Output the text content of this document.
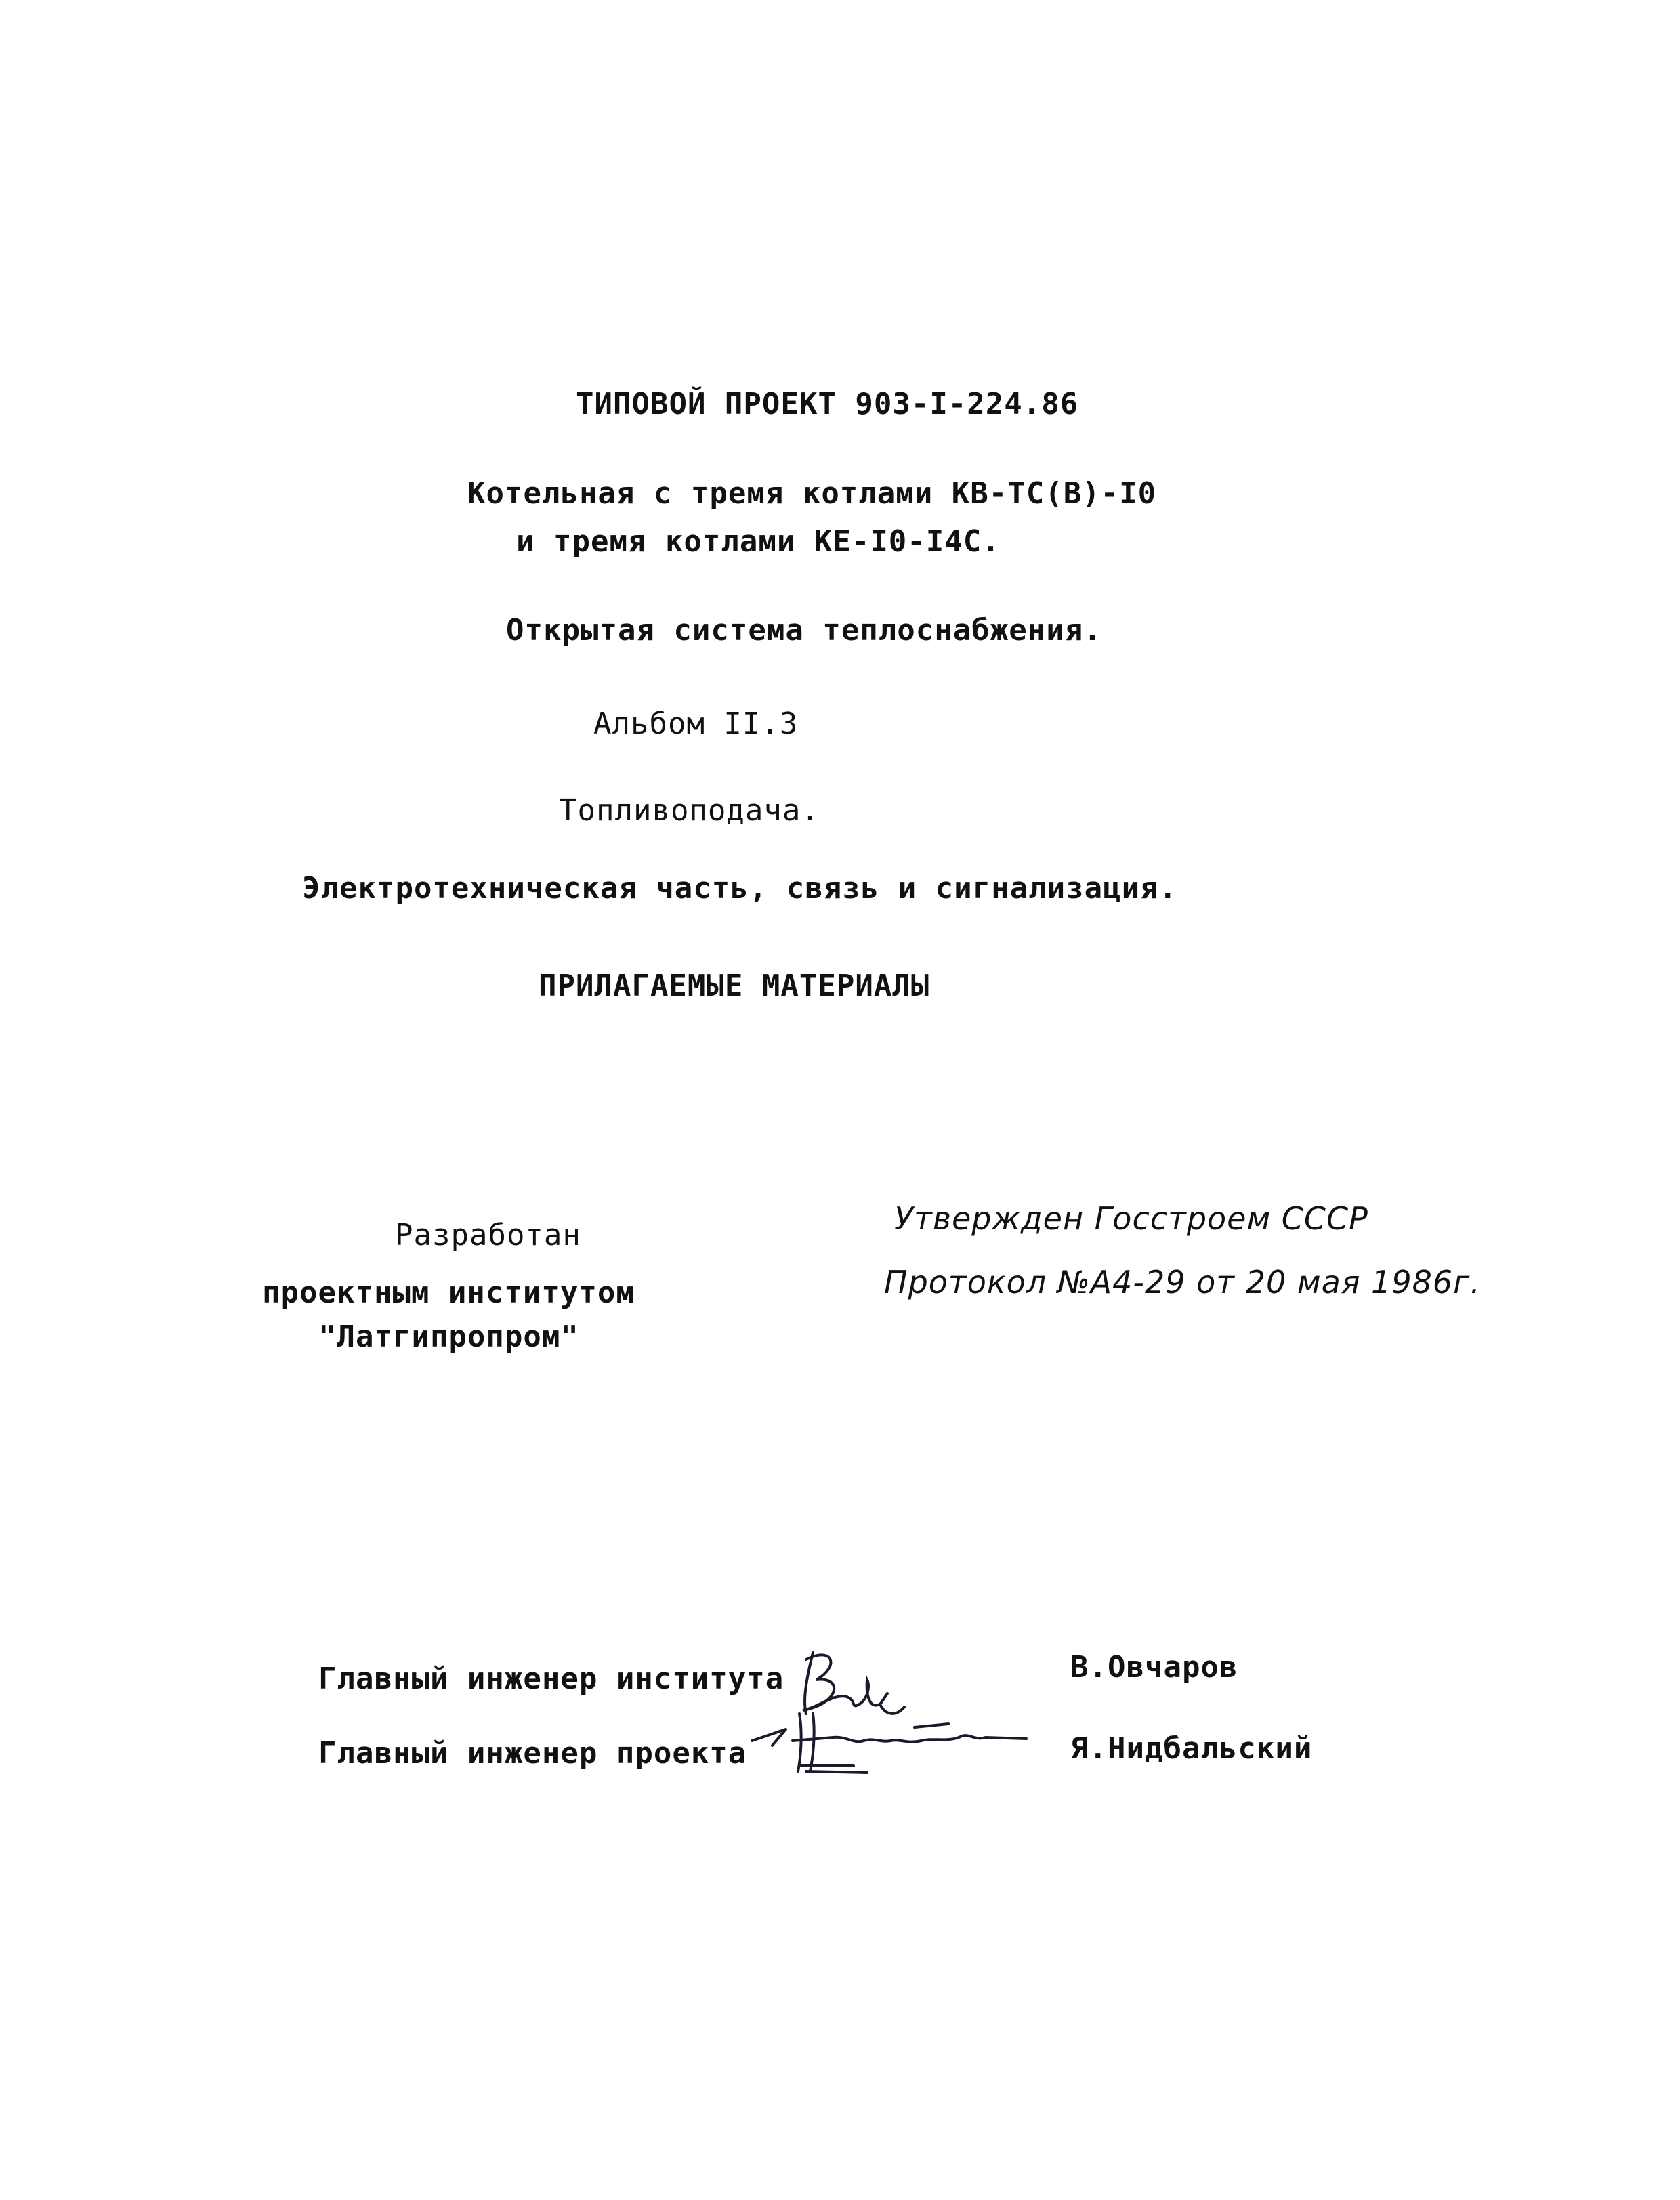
ТИПОВОЙ ПРОЕКТ 903-I-224.86
Котельная с тремя котлами КВ-ТС(В)-I0
и тремя котлами КЕ-I0-I4С.
Открытая система теплоснабжения.
Альбом II.3
Топливоподача.
Электротехническая часть, связь и сигнализация.
ПРИЛАГАЕМЫЕ МАТЕРИАЛЫ
Разработан
проектным институтом
"Латгипропром"
Утвержден Госстроем СССР
Протокол №А4-29 от 20 мая 1986г.
Главный инженер института	В.Овчаров
Главный инженер проекта	Я.Нидбальский
